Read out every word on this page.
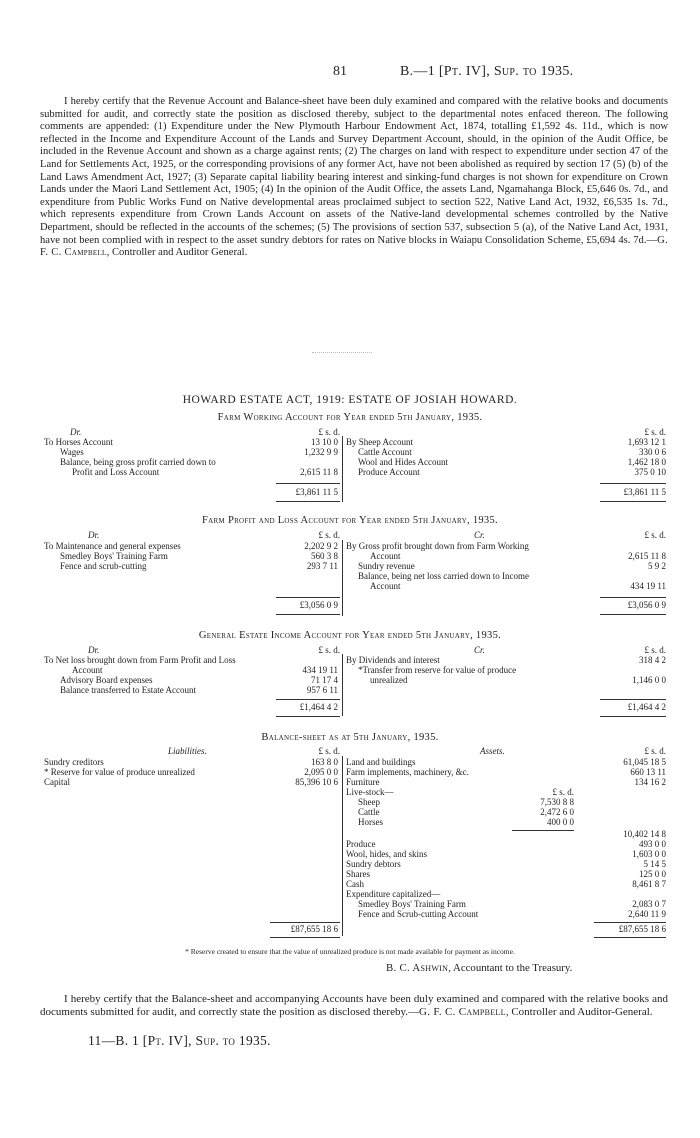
81	B.—1 [Pt. IV], Sup. to 1935.
I hereby certify that the Revenue Account and Balance-sheet have been duly examined and compared with the relative books and documents submitted for audit, and correctly state the position as disclosed thereby, subject to the departmental notes enfaced thereon. The following comments are appended: (1) Expenditure under the New Plymouth Harbour Endowment Act, 1874, totalling £1,592 4s. 11d., which is now reflected in the Income and Expenditure Account of the Lands and Survey Department Account, should, in the opinion of the Audit Office, be included in the Revenue Account and shown as a charge against rents; (2) The charges on land with respect to expenditure under section 47 of the Land for Settlements Act, 1925, or the corresponding provisions of any former Act, have not been abolished as required by section 17 (5) (b) of the Land Laws Amendment Act, 1927; (3) Separate capital liability bearing interest and sinking-fund charges is not shown for expenditure on Crown Lands under the Maori Land Settlement Act, 1905; (4) In the opinion of the Audit Office, the assets Land, Ngamahanga Block, £5,646 0s. 7d., and expenditure from Public Works Fund on Native developmental areas proclaimed subject to section 522, Native Land Act, 1932, £6,535 1s. 7d., which represents expenditure from Crown Lands Account on assets of the Native-land developmental schemes controlled by the Native Department, should be reflected in the accounts of the schemes; (5) The provisions of section 537, subsection 5 (a), of the Native Land Act, 1931, have not been complied with in respect to the asset sundry debtors for rates on Native blocks in Waiapu Consolidation Scheme, £5,694 4s. 7d.—G. F. C. Campbell, Controller and Auditor General.
HOWARD ESTATE ACT, 1919: ESTATE OF JOSIAH HOWARD.
Farm Working Account for Year ended 5th January, 1935.
Dr.	£ s. d.	£ s. d.
To Horses Account	13 10 0
Wages	1,232 9 9
Balance, being gross profit carried down to
Profit and Loss Account	2,615 11 8
By Sheep Account	1,693 12 1
Cattle Account	330 0 6
Wool and Hides Account	1,462 18 0
Produce Account	375 0 10
£3,861 11 5	£3,861 11 5
Farm Profit and Loss Account for Year ended 5th January, 1935.
Dr.	Cr.
£ s. d.	£ s. d.
To Maintenance and general expenses	2,202 9 2
Smedley Boys' Training Farm	560 3 8
Fence and scrub-cutting	293 7 11
By Gross profit brought down from Farm Working
Account	2,615 11 8
Sundry revenue	5 9 2
Balance, being net loss carried down to Income
Account	434 19 11
£3,056 0 9	£3,056 0 9
General Estate Income Account for Year ended 5th January, 1935.
Dr.	Cr.
£ s. d.	£ s. d.
To Net loss brought down from Farm Profit and Loss
Account	434 19 11
Advisory Board expenses	71 17 4
Balance transferred to Estate Account	957 6 11
By Dividends and interest	318 4 2
*Transfer from reserve for value of produce
unrealized	1,146 0 0
£1,464 4 2	£1,464 4 2
Balance-sheet as at 5th January, 1935.
Liabilities.	Assets.
£ s. d.	£ s. d.
Sundry creditors	163 8 0
* Reserve for value of produce unrealized	2,095 0 0
Capital	85,396 10 6
Land and buildings	61,045 18 5
Farm implements, machinery, &c.	660 13 11
Furniture	134 16 2
Live-stock—	£ s. d.
Sheep	7,530 8 8
Cattle	2,472 6 0
Horses	400 0 0
10,402 14 8
Produce	493 0 0
Wool, hides, and skins	1,603 0 0
Sundry debtors	5 14 5
Shares	125 0 0
Cash	8,461 8 7
Expenditure capitalized—
Smedley Boys' Training Farm	2,083 0 7
Fence and Scrub-cutting Account	2,640 11 9
£87,655 18 6	£87,655 18 6
* Reserve created to ensure that the value of unrealized produce is not made available for payment as income.
B. C. Ashwin, Accountant to the Treasury.
I hereby certify that the Balance-sheet and accompanying Accounts have been duly examined and compared with the relative books and documents submitted for audit, and correctly state the position as disclosed thereby.—G. F. C. Campbell, Controller and Auditor-General.
11—B. 1 [Pt. IV], Sup. to 1935.
